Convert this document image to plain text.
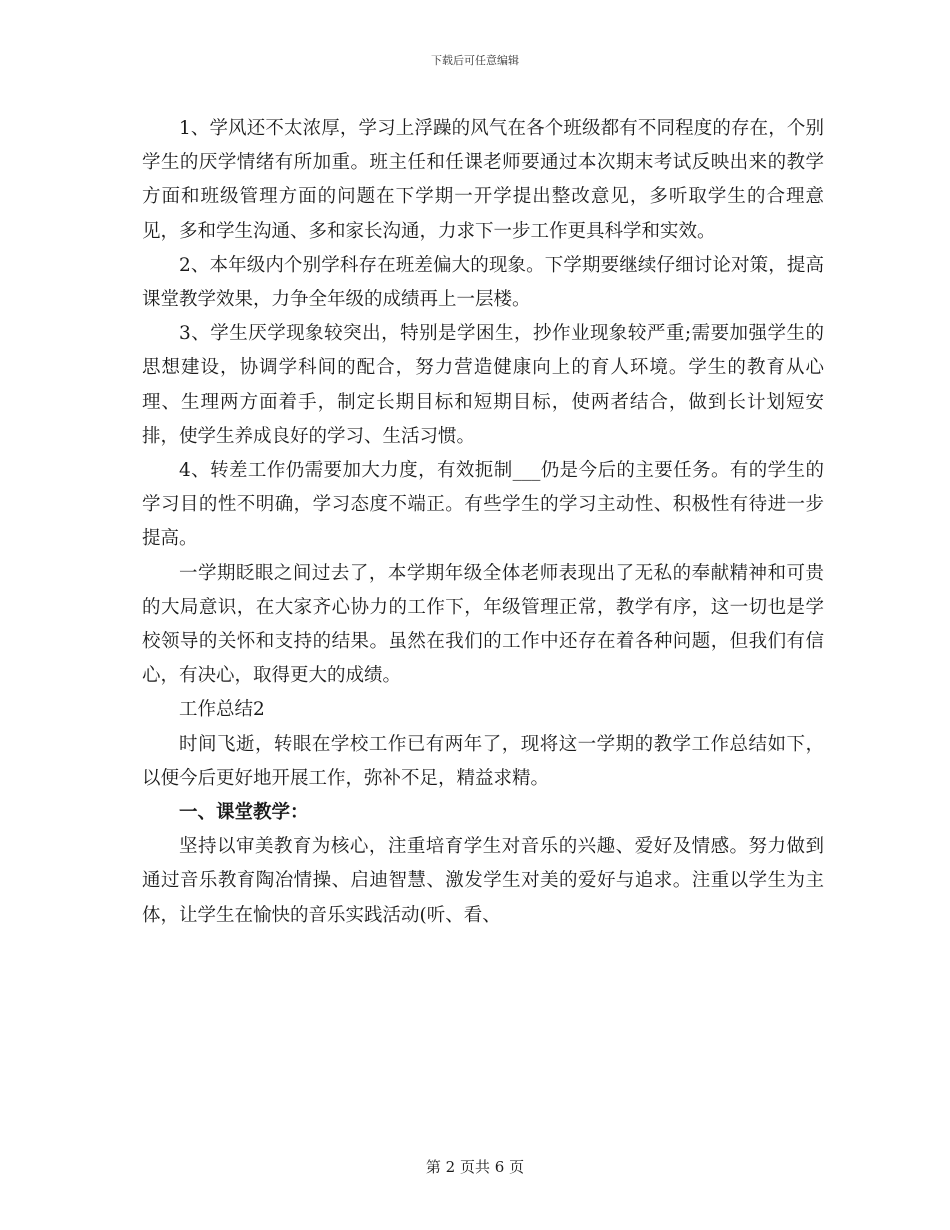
下载后可任意编辑

1、学风还不太浓厚，学习上浮躁的风气在各个班级都有不同程度的存在，个别学生的厌学情绪有所加重。班主任和任课老师要通过本次期末考试反映出来的教学方面和班级管理方面的问题在下学期一开学提出整改意见，多听取学生的合理意见，多和学生沟通、多和家长沟通，力求下一步工作更具科学和实效。

2、本年级内个别学科存在班差偏大的现象。下学期要继续仔细讨论对策，提高课堂教学效果，力争全年级的成绩再上一层楼。

3、学生厌学现象较突出，特别是学困生，抄作业现象较严重;需要加强学生的思想建设，协调学科间的配合，努力营造健康向上的育人环境。学生的教育从心理、生理两方面着手，制定长期目标和短期目标，使两者结合，做到长计划短安排，使学生养成良好的学习、生活习惯。

4、转差工作仍需要加大力度，有效扼制___仍是今后的主要任务。有的学生的学习目的性不明确，学习态度不端正。有些学生的学习主动性、积极性有待进一步提高。

一学期眨眼之间过去了，本学期年级全体老师表现出了无私的奉献精神和可贵的大局意识，在大家齐心协力的工作下，年级管理正常，教学有序，这一切也是学校领导的关怀和支持的结果。虽然在我们的工作中还存在着各种问题，但我们有信心，有决心，取得更大的成绩。

工作总结2

时间飞逝，转眼在学校工作已有两年了，现将这一学期的教学工作总结如下，以便今后更好地开展工作，弥补不足，精益求精。

一、课堂教学：

坚持以审美教育为核心，注重培育学生对音乐的兴趣、爱好及情感。努力做到通过音乐教育陶冶情操、启迪智慧、激发学生对美的爱好与追求。注重以学生为主体，让学生在愉快的音乐实践活动(听、看、

第 2 页共 6 页
